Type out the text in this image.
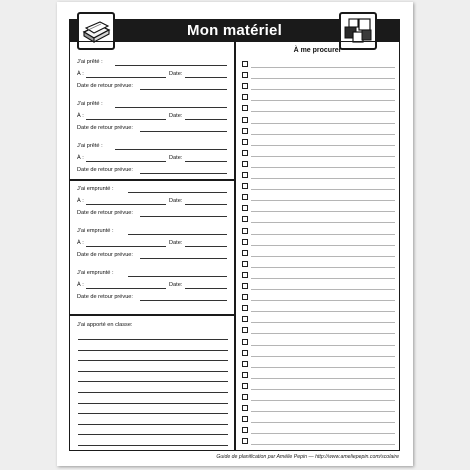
Mon matériel
J'ai prêté :
À :	Date:
Date de retour prévue:
J'ai prêté :
À :	Date:
Date de retour prévue:
J'ai prêté :
À :	Date:
Date de retour prévue:
J'ai emprunté :
À :	Date:
Date de retour prévue:
J'ai emprunté :
À :	Date:
Date de retour prévue:
J'ai emprunté :
À :	Date:
Date de retour prévue:
J'ai apporté en classe:
À me procurer
Guide de planification par Amélie Pepin — http://www.ameliepepin.com/scolaire
